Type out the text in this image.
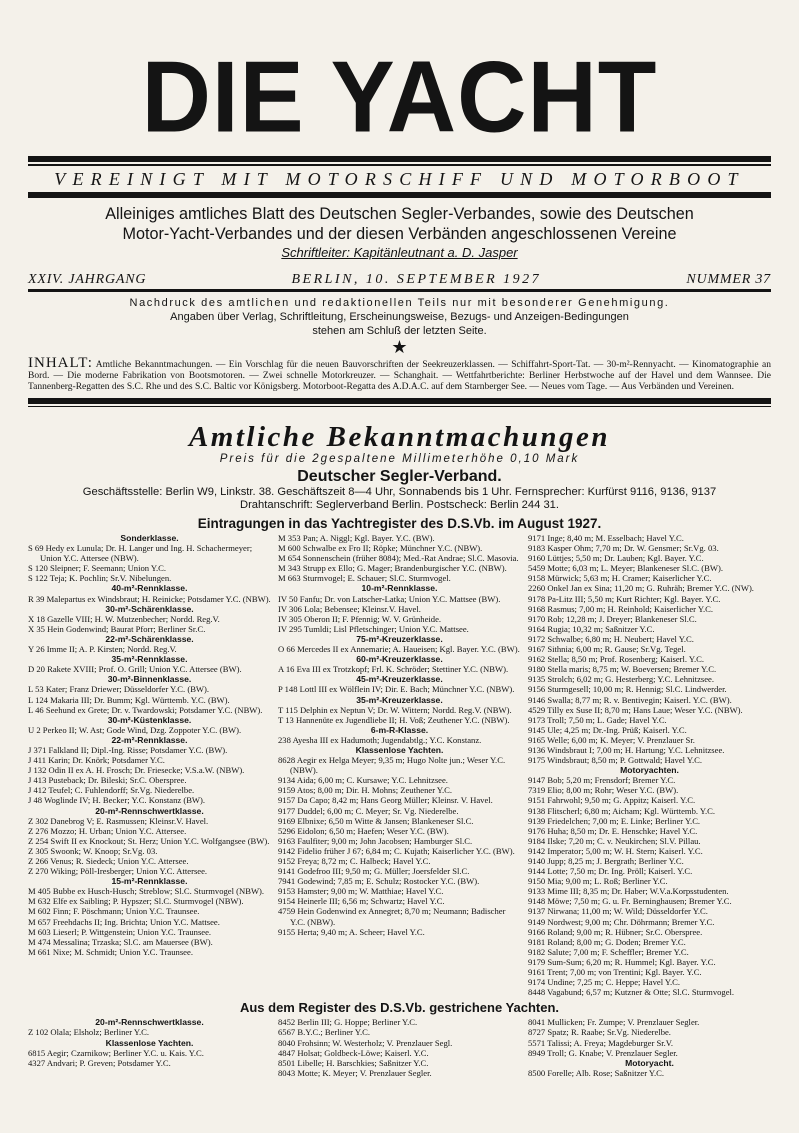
DIE YACHT
VEREINIGT MIT MOTORSCHIFF UND MOTORBOOT
Alleiniges amtliches Blatt des Deutschen Segler-Verbandes, sowie des Deutschen
Motor-Yacht-Verbandes und der diesen Verbänden angeschlossenen Vereine
Schriftleiter: Kapitänleutnant a. D. Jasper
XXIV. JAHRGANG	BERLIN, 10. SEPTEMBER 1927	NUMMER 37
Nachdruck des amtlichen und redaktionellen Teils nur mit besonderer Genehmigung.
Angaben über Verlag, Schriftleitung, Erscheinungsweise, Bezugs- und Anzeigen-Bedingungen
stehen am Schluß der letzten Seite.
★
INHALT: Amtliche Bekanntmachungen. — Ein Vorschlag für die neuen Bauvorschriften der Seekreuzerklassen. — Schiffahrt-Sport-Tat. — 30-m²-Rennyacht. — Kinomatographie an Bord. — Die moderne Fabrikation von Bootsmotoren. — Zwei schnelle Motorkreuzer. — Schanghait. — Wettfahrtberichte: Berliner Herbstwoche auf der Havel und dem Wannsee. Die Tannenberg-Regatten des S.C. Rhe und des S.C. Baltic vor Königsberg. Motorboot-Regatta des A.D.A.C. auf dem Starnberger See. — Neues vom Tage. — Aus Verbänden und Vereinen.
Amtliche Bekanntmachungen
Preis für die 2gespaltene Millimeterhöhe 0,10 Mark
Deutscher Segler-Verband.
Geschäftsstelle: Berlin W9, Linkstr. 38. Geschäftszeit 8—4 Uhr, Sonnabends bis 1 Uhr. Fernsprecher: Kurfürst 9116, 9136, 9137
Drahtanschrift: Seglerverband Berlin. Postscheck: Berlin 244 31.
Eintragungen in das Yachtregister des D.S.Vb. im August 1927.
Sonderklasse.
S 69 Hedy ex Lunula; Dr. H. Langer und Ing. H. Schachermeyer; Union Y.C. Attersee (NBW).
S 120 Sleipner; F. Seemann; Union Y.C.
S 122 Teja; K. Pochlin; Sr.V. Nibelungen.
40-m²-Rennklasse.
R 39 Malepartus ex Windsbraut; H. Reinicke; Potsdamer Y.C. (NBW).
30-m²-Schärenklasse.
X 18 Gazelle VIII; H. W. Mutzenbecher; Nordd. Reg.V.
X 35 Hein Godenwind; Baurat Pforr; Berliner Sr.C.
22-m²-Schärenklasse.
Y 26 Imme II; A. P. Kirsten; Nordd. Reg.V.
35-m²-Rennklasse.
D 20 Rakete XVIII; Prof. O. Grill; Union Y.C. Attersee (BW).
30-m²-Binnenklasse.
L 53 Kater; Franz Driewer; Düsseldorfer Y.C. (BW).
L 124 Makaria III; Dr. Bumm; Kgl. Württemb. Y.C. (BW).
L 46 Seehund ex Grete; Dr. v. Twardowski; Potsdamer Y.C. (NBW).
30-m²-Küstenklasse.
U 2 Perkeo II; W. Ast; Gode Wind, Dzg. Zoppoter Y.C. (BW).
22-m²-Rennklasse.
J 371 Falkland II; Dipl.-Ing. Risse; Potsdamer Y.C. (BW).
J 411 Karin; Dr. Knörk; Potsdamer Y.C.
J 132 Odin II ex A. H. Frosch; Dr. Friesecke; V.S.a.W. (NBW).
J 413 Pusteback; Dr. Bileski; Sr.C. Oberspree.
J 412 Teufel; C. Fuhlendorff; Sr.Vg. Niederelbe.
J 48 Woglinde IV; H. Becker; Y.C. Konstanz (BW).
20-m²-Rennschwertklasse.
Z 302 Danebrog V; E. Rasmussen; Kleinsr.V. Havel.
Z 276 Mozzo; H. Urban; Union Y.C. Attersee.
Z 254 Swift II ex Knockout; St. Herz; Union Y.C. Wolfgangsee (BW).
Z 305 Swoonk; W. Knoop; Sr.Vg. 03.
Z 266 Venus; R. Siedeck; Union Y.C. Attersee.
Z 270 Wiking; Pöll-Iresberger; Union Y.C. Attersee.
15-m²-Rennklasse.
M 405 Bubbe ex Husch-Husch; Streblow; Sl.C. Sturmvogel (NBW).
M 632 Elfe ex Saibling; P. Hypszer; Sl.C. Sturmvogel (NBW).
M 602 Finn; F. Pöschmann; Union Y.C. Traunsee.
M 657 Freehdachs II; Ing. Brichta; Union Y.C. Mattsee.
M 603 Lieserl; P. Wittgenstein; Union Y.C. Traunsee.
M 474 Messalina; Trzaska; Sl.C. am Mauersee (BW).
M 661 Nixe; M. Schmidt; Union Y.C. Traunsee.
M 353 Pan; A. Niggl; Kgl. Bayer. Y.C. (BW).
M 600 Schwalbe ex Fro II; Röpke; Münchner Y.C. (NBW).
M 654 Sonnenschein (früher 8084); Med.-Rat Andrae; Sl.C. Masovia.
M 343 Strupp ex Ello; G. Mager; Brandenburgischer Y.C. (NBW).
M 663 Sturmvogel; E. Schauer; Sl.C. Sturmvogel.
10-m²-Rennklasse.
IV 50 Fanfu; Dr. von Latscher-Latka; Union Y.C. Mattsee (BW).
IV 306 Lola; Bebensee; Kleinsr.V. Havel.
IV 305 Oberon II; F. Pfennig; W. V. Grünheide.
IV 295 Tumldi; Lisl Pfletschinger; Union Y.C. Mattsee.
75-m²-Kreuzerklasse.
O 66 Mercedes II ex Annemarie; A. Haueisen; Kgl. Bayer. Y.C. (BW).
60-m²-Kreuzerklasse.
A 16 Eva III ex Trotzkopf; Frl. K. Schröder; Stettiner Y.C. (NBW).
45-m²-Kreuzerklasse.
P 148 Lottl III ex Wölflein IV; Dir. E. Bach; Münchner Y.C. (NBW).
35-m²-Kreuzerklasse.
T 115 Delphin ex Neptun V; Dr. W. Wittern; Nordd. Reg.V. (NBW).
T 13 Hannenüte ex Jugendliebe II; H. Voß; Zeuthener Y.C. (NBW).
6-m-R-Klasse.
238 Ayesha III ex Hadumoth; Jugendabtlg.; Y.C. Konstanz.
Klassenlose Yachten.
8628 Aegir ex Helga Meyer; 9,35 m; Hugo Nolte jun.; Weser Y.C. (NBW).
9134 Aida; 6,00 m; C. Kursawe; Y.C. Lehnitzsee.
9159 Atos; 8,00 m; Dir. H. Mohns; Zeuthener Y.C.
9157 Da Capo; 8,42 m; Hans Georg Müller; Kleinsr. V. Havel.
9177 Duddel; 6,00 m; C. Meyer; Sr. Vg. Niederelbe.
9169 Elbnixe; 6,50 m Witte & Jansen; Blankeneser Sl.C.
5296 Eidolon; 6,50 m; Haefen; Weser Y.C. (BW).
9163 Faulfiter; 9,00 m; John Jacobsen; Hamburger Sl.C.
9142 Fidelio früher J 67; 6,84 m; C. Kujath; Kaiserlicher Y.C. (BW).
9152 Freya; 8,72 m; C. Halbeck; Havel Y.C.
9141 Godefroo III; 9,50 m; G. Müller; Joersfelder Sl.C.
7941 Godewind; 7,85 m; E. Schulz; Rostocker Y.C. (BW).
9153 Hamster; 9,00 m; W. Matthiae; Havel Y.C.
9154 Heinerle III; 6,56 m; Schwartz; Havel Y.C.
4759 Hein Godenwind ex Annegret; 8,70 m; Neumann; Badischer Y.C. (NBW).
9155 Herta; 9,40 m; A. Scheer; Havel Y.C.
9171 Inge; 8,40 m; M. Esselbach; Havel Y.C.
9183 Kasper Ohm; 7,70 m; Dr. W. Gensmer; Sr.Vg. 03.
9160 Lüttjes; 5,50 m; Dr. Lauben; Kgl. Bayer. Y.C.
5459 Motte; 6,03 m; L. Meyer; Blankeneser Sl.C. (BW).
9158 Mürwick; 5,63 m; H. Cramer; Kaiserlicher Y.C.
2260 Onkel Jan ex Sina; 11,20 m; G. Ruhräh; Bremer Y.C. (NW).
9178 Pa-Litz III; 5,50 m; Kurt Richter; Kgl. Bayer. Y.C.
9168 Rasmus; 7,00 m; H. Reinhold; Kaiserlicher Y.C.
9170 Rob; 12,28 m; J. Dreyer; Blankeneser Sl.C.
9164 Rugia; 10,32 m; Saßnitzer Y.C.
9172 Schwalbe; 6,80 m; H. Neubert; Havel Y.C.
9167 Sithnia; 6,00 m; R. Gause; Sr.Vg. Tegel.
9162 Stella; 8,50 m; Prof. Rosenberg; Kaiserl. Y.C.
9180 Stella maris; 8,75 m; W. Boeversen; Bremer Y.C.
9135 Strolch; 6,02 m; G. Hesterberg; Y.C. Lehnitzsee.
9156 Sturmgesell; 10,00 m; R. Hennig; Sl.C. Lindwerder.
9146 Swalla; 8,77 m; R. v. Bentivegin; Kaiserl. Y.C. (BW).
4529 Tilly ex Suse II; 8,70 m; Hans Laue; Weser Y.C. (NBW).
9173 Troll; 7,50 m; L. Gade; Havel Y.C.
9145 Ule; 4,25 m; Dr.-Ing. Prüß; Kaiserl. Y.C.
9165 Welle; 6,00 m; K. Meyer; V. Prenzlauer Sr.
9136 Windsbraut I; 7,00 m; H. Hartung; Y.C. Lehnitzsee.
9175 Windsbraut; 8,50 m; P. Gottwald; Havel Y.C.
Motoryachten.
9147 Bob; 5,20 m; Frensdorf; Bremer Y.C.
7319 Elio; 8,00 m; Rohr; Weser Y.C. (BW).
9151 Fahrwohl; 9,50 m; G. Appitz; Kaiserl. Y.C.
9138 Flitscherl; 6,80 m; Aicham; Kgl. Württemb. Y.C.
9139 Friedelchen; 7,00 m; E. Linke; Berliner Y.C.
9176 Huha; 8,50 m; Dr. E. Henschke; Havel Y.C.
9184 Ilske; 7,20 m; C. v. Neukirchen; Sl.V. Pillau.
9142 Imperator; 5,00 m; W. H. Stern; Kaiserl. Y.C.
9140 Jupp; 8,25 m; J. Bergrath; Berliner Y.C.
9144 Lotte; 7,50 m; Dr. Ing. Pröll; Kaiserl. Y.C.
9150 Mia; 9,00 m; L. Roß; Berliner Y.C.
9133 Mime III; 8,35 m; Dr. Haber; W.V.a.Korpsstudenten.
9148 Möwe; 7,50 m; G. u. Fr. Berninghausen; Bremer Y.C.
9137 Nirwana; 11,00 m; W. Wild; Düsseldorfer Y.C.
9149 Nordwest; 9,00 m; Chr. Döhrmann; Bremer Y.C.
9166 Roland; 9,00 m; R. Hübner; Sr.C. Oberspree.
9181 Roland; 8,00 m; G. Doden; Bremer Y.C.
9182 Salute; 7,00 m; F. Scheffler; Bremer Y.C.
9179 Sum-Sum; 6,20 m; R. Hummel; Kgl. Bayer. Y.C.
9161 Trent; 7,00 m; von Trentini; Kgl. Bayer. Y.C.
9174 Undine; 7,25 m; C. Heppe; Havel Y.C.
8448 Vagabund; 6,57 m; Kutzner & Otte; Sl.C. Sturmvogel.
Aus dem Register des D.S.Vb. gestrichene Yachten.
20-m²-Rennschwertklasse.
Z 102 Olala; Elsholz; Berliner Y.C.
Klassenlose Yachten.
6815 Aegir; Czarnikow; Berliner Y.C. u. Kais. Y.C.
4327 Andvari; P. Greven; Potsdamer Y.C.
8452 Berlin III; G. Hoppe; Berliner Y.C.
6567 B.Y.C.; Berliner Y.C.
8040 Frohsinn; W. Westerholz; V. Prenzlauer Segl.
4847 Holsat; Goldbeck-Löwe; Kaiserl. Y.C.
8501 Libelle; H. Barschkies; Saßnitzer Y.C.
8043 Motte; K. Meyer; V. Prenzlauer Segler.
8041 Mullicken; Fr. Zumpe; V. Prenzlauer Segler.
8727 Spatz; R. Raabe; Sr.Vg. Niederelbe.
5571 Talissi; A. Freya; Magdeburger Sr.V.
8949 Troll; G. Knabe; V. Prenzlauer Segler.
Motoryacht.
8500 Forelle; Alb. Rose; Saßnitzer Y.C.
